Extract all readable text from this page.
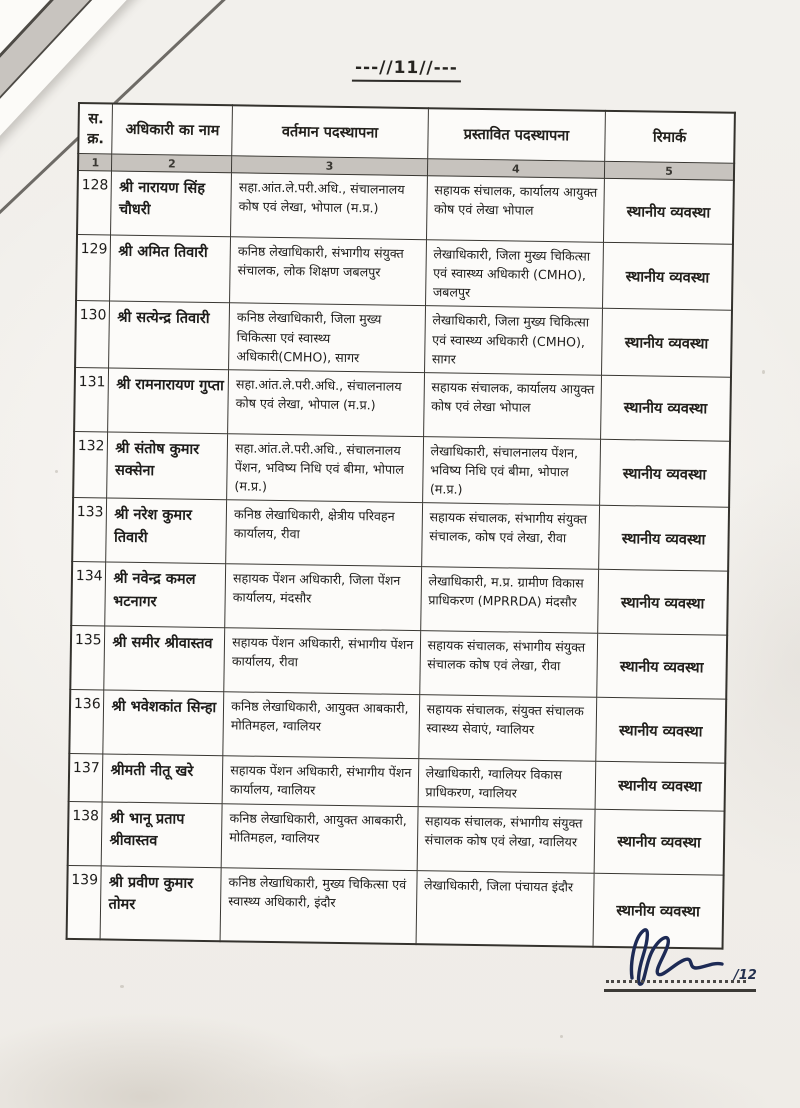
---//11//---
स. क्र.	अधिकारी का नाम	वर्तमान पदस्थापना	प्रस्तावित पदस्थापना	रिमार्क
1	2	3	4	5
128	श्री नारायण सिंह चौधरी	सहा.आंत.ले.परी.अधि., संचालनालय कोष एवं लेखा, भोपाल (म.प्र.)	सहायक संचालक, कार्यालय आयुक्त कोष एवं लेखा भोपाल	स्थानीय व्यवस्था
129	श्री अमित तिवारी	कनिष्ठ लेखाधिकारी, संभागीय संयुक्त संचालक, लोक शिक्षण जबलपुर	लेखाधिकारी, जिला मुख्य चिकित्सा एवं स्वास्थ्य अधिकारी (CMHO), जबलपुर	स्थानीय व्यवस्था
130	श्री सत्येन्द्र तिवारी	कनिष्ठ लेखाधिकारी, जिला मुख्य चिकित्सा एवं स्वास्थ्य अधिकारी(CMHO), सागर	लेखाधिकारी, जिला मुख्य चिकित्सा एवं स्वास्थ्य अधिकारी (CMHO), सागर	स्थानीय व्यवस्था
131	श्री रामनारायण गुप्ता	सहा.आंत.ले.परी.अधि., संचालनालय कोष एवं लेखा, भोपाल (म.प्र.)	सहायक संचालक, कार्यालय आयुक्त कोष एवं लेखा भोपाल	स्थानीय व्यवस्था
132	श्री संतोष कुमार सक्सेना	सहा.आंत.ले.परी.अधि., संचालनालय पेंशन, भविष्य निधि एवं बीमा, भोपाल (म.प्र.)	लेखाधिकारी, संचालनालय पेंशन, भविष्य निधि एवं बीमा, भोपाल (म.प्र.)	स्थानीय व्यवस्था
133	श्री नरेश कुमार तिवारी	कनिष्ठ लेखाधिकारी, क्षेत्रीय परिवहन कार्यालय, रीवा	सहायक संचालक, संभागीय संयुक्त संचालक, कोष एवं लेखा, रीवा	स्थानीय व्यवस्था
134	श्री नवेन्द्र कमल भटनागर	सहायक पेंशन अधिकारी, जिला पेंशन कार्यालय, मंदसौर	लेखाधिकारी, म.प्र. ग्रामीण विकास प्राधिकरण (MPRRDA) मंदसौर	स्थानीय व्यवस्था
135	श्री समीर श्रीवास्तव	सहायक पेंशन अधिकारी, संभागीय पेंशन कार्यालय, रीवा	सहायक संचालक, संभागीय संयुक्त संचालक कोष एवं लेखा, रीवा	स्थानीय व्यवस्था
136	श्री भवेशकांत सिन्हा	कनिष्ठ लेखाधिकारी, आयुक्त आबकारी, मोतिमहल, ग्वालियर	सहायक संचालक, संयुक्त संचालक स्वास्थ्य सेवाएं, ग्वालियर	स्थानीय व्यवस्था
137	श्रीमती नीतू खरे	सहायक पेंशन अधिकारी, संभागीय पेंशन कार्यालय, ग्वालियर	लेखाधिकारी, ग्वालियर विकास प्राधिकरण, ग्वालियर	स्थानीय व्यवस्था
138	श्री भानू प्रताप श्रीवास्तव	कनिष्ठ लेखाधिकारी, आयुक्त आबकारी, मोतिमहल, ग्वालियर	सहायक संचालक, संभागीय संयुक्त संचालक कोष एवं लेखा, ग्वालियर	स्थानीय व्यवस्था
139	श्री प्रवीण कुमार तोमर	कनिष्ठ लेखाधिकारी, मुख्य चिकित्सा एवं स्वास्थ्य अधिकारी, इंदौर	लेखाधिकारी, जिला पंचायत इंदौर	स्थानीय व्यवस्था
/12
